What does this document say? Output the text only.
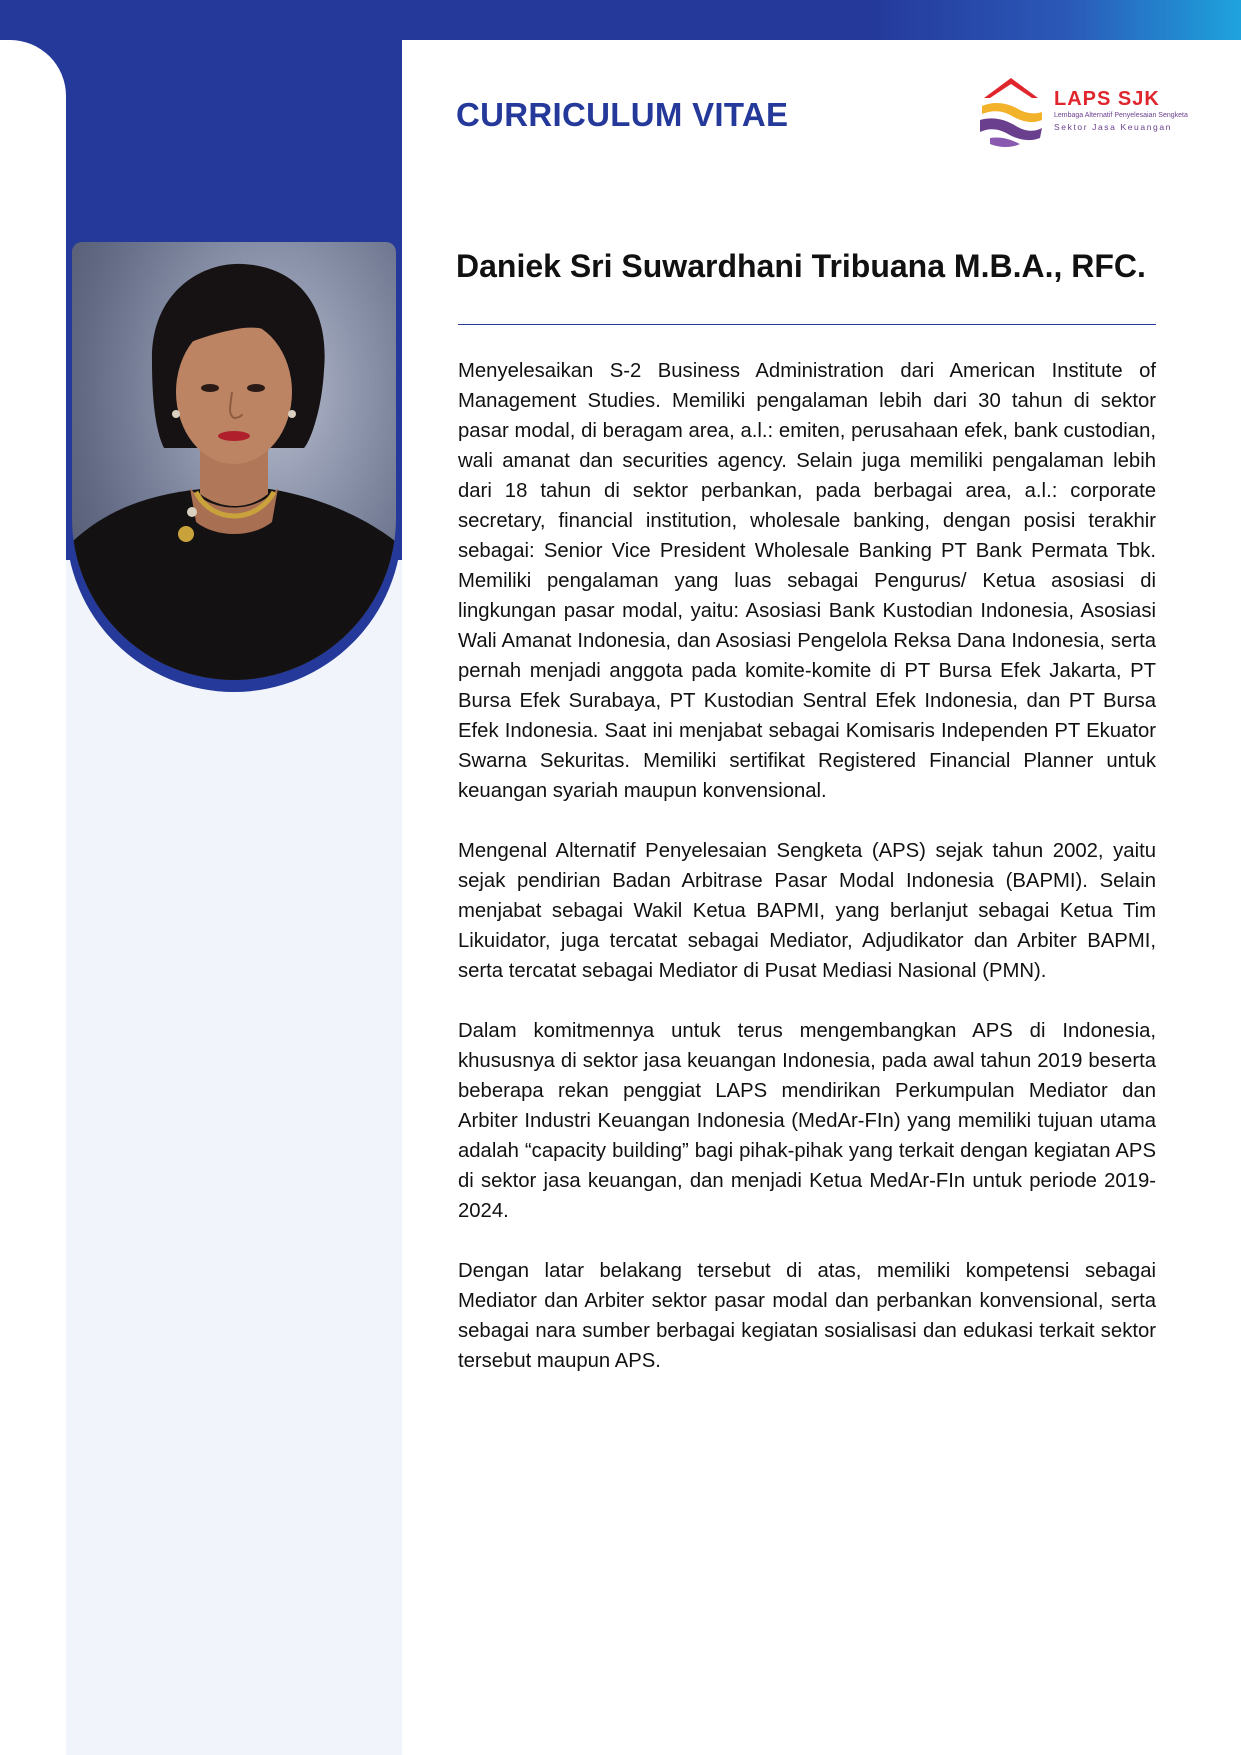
CURRICULUM VITAE	LAPS SJK
Lembaga Alternatif Penyelesaian Sengketa
Sektor Jasa Keuangan
Daniek Sri Suwardhani Tribuana M.B.A., RFC.

Menyelesaikan S-2 Business Administration dari American Institute of Management Studies. Memiliki pengalaman lebih dari 30 tahun di sektor pasar modal, di beragam area, a.l.: emiten, perusahaan efek, bank custodian, wali amanat dan securities agency. Selain juga memiliki pengalaman lebih dari 18 tahun di sektor perbankan, pada berbagai area, a.l.: corporate secretary, financial institution, wholesale banking, dengan posisi terakhir sebagai: Senior Vice President Wholesale Banking PT Bank Permata Tbk. Memiliki pengalaman yang luas sebagai Pengurus/ Ketua asosiasi di lingkungan pasar modal, yaitu: Asosiasi Bank Kustodian Indonesia, Asosiasi Wali Amanat Indonesia, dan Asosiasi Pengelola Reksa Dana Indonesia, serta pernah menjadi anggota pada komite-komite di PT Bursa Efek Jakarta, PT Bursa Efek Surabaya, PT Kustodian Sentral Efek Indonesia, dan PT Bursa Efek Indonesia. Saat ini menjabat sebagai Komisaris Independen PT Ekuator Swarna Sekuritas. Memiliki sertifikat Registered Financial Planner untuk keuangan syariah maupun konvensional.

Mengenal Alternatif Penyelesaian Sengketa (APS) sejak tahun 2002, yaitu sejak pendirian Badan Arbitrase Pasar Modal Indonesia (BAPMI). Selain menjabat sebagai Wakil Ketua BAPMI, yang berlanjut sebagai Ketua Tim Likuidator, juga tercatat sebagai Mediator, Adjudikator dan Arbiter BAPMI, serta tercatat sebagai Mediator di Pusat Mediasi Nasional (PMN).

Dalam komitmennya untuk terus mengembangkan APS di Indonesia, khususnya di sektor jasa keuangan Indonesia, pada awal tahun 2019 beserta beberapa rekan penggiat LAPS mendirikan Perkumpulan Mediator dan Arbiter Industri Keuangan Indonesia (MedAr-FIn) yang memiliki tujuan utama adalah “capacity building” bagi pihak-pihak yang terkait dengan kegiatan APS di sektor jasa keuangan, dan menjadi Ketua MedAr-FIn untuk periode 2019-2024.

Dengan latar belakang tersebut di atas, memiliki kompetensi sebagai Mediator dan Arbiter sektor pasar modal dan perbankan konvensional, serta sebagai nara sumber berbagai kegiatan sosialisasi dan edukasi terkait sektor tersebut maupun APS.
